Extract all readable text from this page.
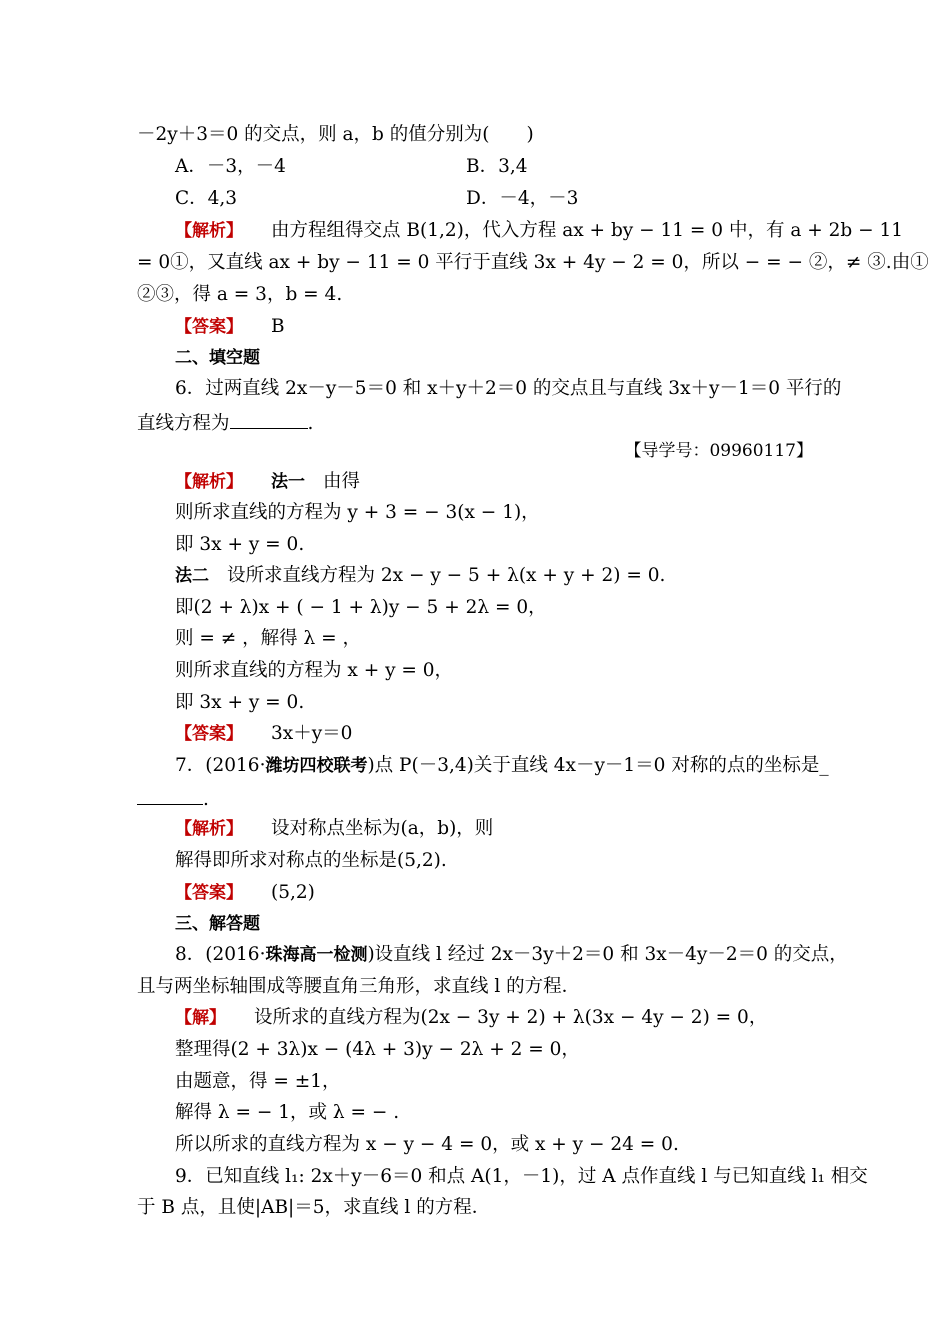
－2y＋3＝0 的交点，则 a，b 的值分别为(　　)
A．－3，－4	B．3,4
C．4,3	D．－4，－3
【解析】 由方程组得交点 B(1,2)，代入方程 ax + by − 11 = 0 中，有 a + 2b − 11
= 0①，又直线 ax + by − 11 = 0 平行于直线 3x + 4y − 2 = 0，所以 − = − ②，≠ ③.由①
②③，得 a = 3，b = 4.
【答案】 B
二、填空题
6．过两直线 2x－y－5＝0 和 x＋y＋2＝0 的交点且与直线 3x＋y－1＝0 平行的
直线方程为	.
【导学号：09960117】
【解析】 法一 由得
则所求直线的方程为 y + 3 = − 3(x − 1)，
即 3x + y = 0.
法二 设所求直线方程为 2x − y − 5 + λ(x + y + 2) = 0.
即(2 + λ)x + ( − 1 + λ)y − 5 + 2λ = 0，
则 = ≠ ，解得 λ = ，
则所求直线的方程为 x + y = 0，
即 3x + y = 0.
【答案】 3x＋y＝0
7．(2016·潍坊四校联考)点 P(－3,4)关于直线 4x－y－1＝0 对称的点的坐标是_
.
【解析】 设对称点坐标为(a，b)，则
解得即所求对称点的坐标是(5,2).
【答案】 (5,2)
三、解答题
8．(2016·珠海高一检测)设直线 l 经过 2x－3y＋2＝0 和 3x－4y－2＝0 的交点，
且与两坐标轴围成等腰直角三角形，求直线 l 的方程．
【解】 设所求的直线方程为(2x − 3y + 2) + λ(3x − 4y − 2) = 0，
整理得(2 + 3λ)x − (4λ + 3)y − 2λ + 2 = 0，
由题意，得 = ±1，
解得 λ = − 1，或 λ = − .
所以所求的直线方程为 x − y − 4 = 0，或 x + y − 24 = 0.
9．已知直线 l₁: 2x＋y－6＝0 和点 A(1，－1)，过 A 点作直线 l 与已知直线 l₁ 相交
于 B 点，且使|AB|＝5，求直线 l 的方程．
